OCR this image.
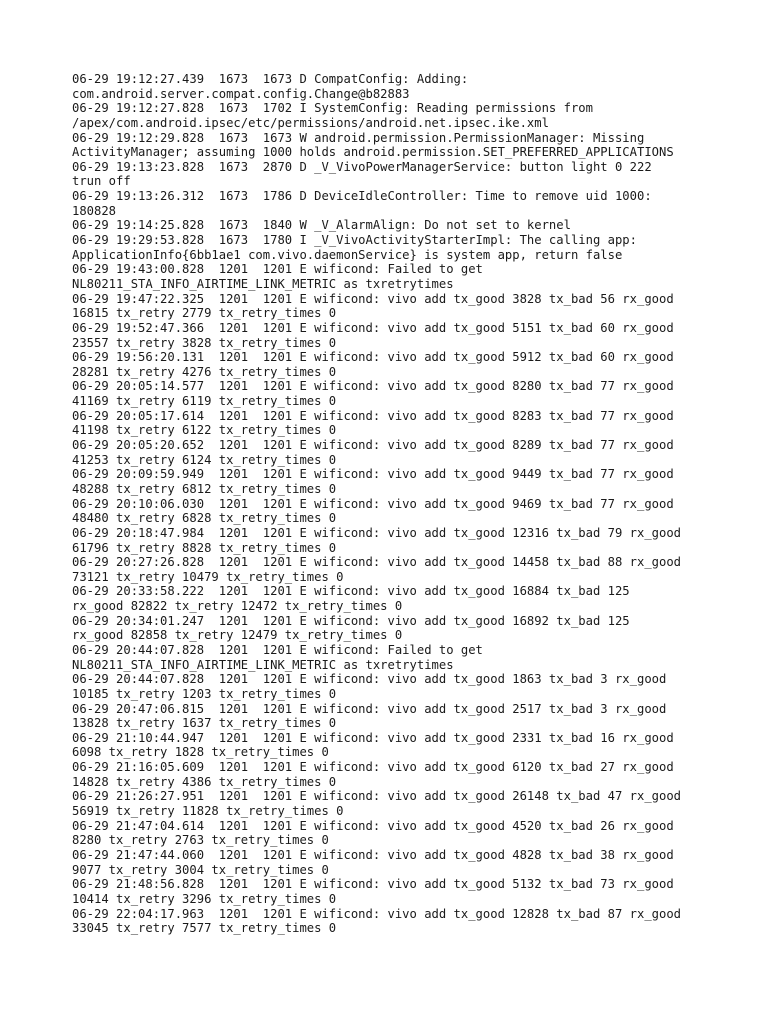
06-29 19:12:27.439  1673  1673 D CompatConfig: Adding:
com.android.server.compat.config.Change@b82883
06-29 19:12:27.828  1673  1702 I SystemConfig: Reading permissions from
/apex/com.android.ipsec/etc/permissions/android.net.ipsec.ike.xml
06-29 19:12:29.828  1673  1673 W android.permission.PermissionManager: Missing
ActivityManager; assuming 1000 holds android.permission.SET_PREFERRED_APPLICATIONS
06-29 19:13:23.828  1673  2870 D _V_VivoPowerManagerService: button light 0 222
trun off
06-29 19:13:26.312  1673  1786 D DeviceIdleController: Time to remove uid 1000:
180828
06-29 19:14:25.828  1673  1840 W _V_AlarmAlign: Do not set to kernel
06-29 19:29:53.828  1673  1780 I _V_VivoActivityStarterImpl: The calling app:
ApplicationInfo{6bb1ae1 com.vivo.daemonService} is system app, return false
06-29 19:43:00.828  1201  1201 E wificond: Failed to get
NL80211_STA_INFO_AIRTIME_LINK_METRIC as txretrytimes
06-29 19:47:22.325  1201  1201 E wificond: vivo add tx_good 3828 tx_bad 56 rx_good
16815 tx_retry 2779 tx_retry_times 0
06-29 19:52:47.366  1201  1201 E wificond: vivo add tx_good 5151 tx_bad 60 rx_good
23557 tx_retry 3828 tx_retry_times 0
06-29 19:56:20.131  1201  1201 E wificond: vivo add tx_good 5912 tx_bad 60 rx_good
28281 tx_retry 4276 tx_retry_times 0
06-29 20:05:14.577  1201  1201 E wificond: vivo add tx_good 8280 tx_bad 77 rx_good
41169 tx_retry 6119 tx_retry_times 0
06-29 20:05:17.614  1201  1201 E wificond: vivo add tx_good 8283 tx_bad 77 rx_good
41198 tx_retry 6122 tx_retry_times 0
06-29 20:05:20.652  1201  1201 E wificond: vivo add tx_good 8289 tx_bad 77 rx_good
41253 tx_retry 6124 tx_retry_times 0
06-29 20:09:59.949  1201  1201 E wificond: vivo add tx_good 9449 tx_bad 77 rx_good
48288 tx_retry 6812 tx_retry_times 0
06-29 20:10:06.030  1201  1201 E wificond: vivo add tx_good 9469 tx_bad 77 rx_good
48480 tx_retry 6828 tx_retry_times 0
06-29 20:18:47.984  1201  1201 E wificond: vivo add tx_good 12316 tx_bad 79 rx_good
61796 tx_retry 8828 tx_retry_times 0
06-29 20:27:26.828  1201  1201 E wificond: vivo add tx_good 14458 tx_bad 88 rx_good
73121 tx_retry 10479 tx_retry_times 0
06-29 20:33:58.222  1201  1201 E wificond: vivo add tx_good 16884 tx_bad 125
rx_good 82822 tx_retry 12472 tx_retry_times 0
06-29 20:34:01.247  1201  1201 E wificond: vivo add tx_good 16892 tx_bad 125
rx_good 82858 tx_retry 12479 tx_retry_times 0
06-29 20:44:07.828  1201  1201 E wificond: Failed to get
NL80211_STA_INFO_AIRTIME_LINK_METRIC as txretrytimes
06-29 20:44:07.828  1201  1201 E wificond: vivo add tx_good 1863 tx_bad 3 rx_good
10185 tx_retry 1203 tx_retry_times 0
06-29 20:47:06.815  1201  1201 E wificond: vivo add tx_good 2517 tx_bad 3 rx_good
13828 tx_retry 1637 tx_retry_times 0
06-29 21:10:44.947  1201  1201 E wificond: vivo add tx_good 2331 tx_bad 16 rx_good
6098 tx_retry 1828 tx_retry_times 0
06-29 21:16:05.609  1201  1201 E wificond: vivo add tx_good 6120 tx_bad 27 rx_good
14828 tx_retry 4386 tx_retry_times 0
06-29 21:26:27.951  1201  1201 E wificond: vivo add tx_good 26148 tx_bad 47 rx_good
56919 tx_retry 11828 tx_retry_times 0
06-29 21:47:04.614  1201  1201 E wificond: vivo add tx_good 4520 tx_bad 26 rx_good
8280 tx_retry 2763 tx_retry_times 0
06-29 21:47:44.060  1201  1201 E wificond: vivo add tx_good 4828 tx_bad 38 rx_good
9077 tx_retry 3004 tx_retry_times 0
06-29 21:48:56.828  1201  1201 E wificond: vivo add tx_good 5132 tx_bad 73 rx_good
10414 tx_retry 3296 tx_retry_times 0
06-29 22:04:17.963  1201  1201 E wificond: vivo add tx_good 12828 tx_bad 87 rx_good
33045 tx_retry 7577 tx_retry_times 0
